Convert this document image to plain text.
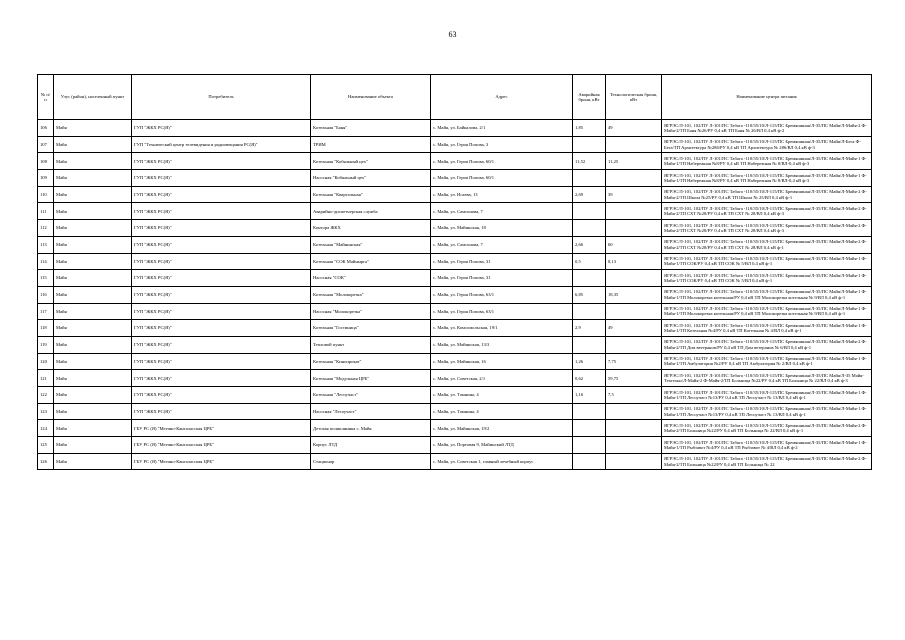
63
№ п/п	Улус (район), населенный пункт	Потребитель	Наименование объекта	Адрес	Аварийная броня, кВт	Технологическая броня, кВт	Наименование центра питания
106	Майя	ГУП "ЖКХ РС(Я)"	Котельная "Баня"	с. Майя, ул. Байкалова, 2/1	1,85	49	ЯГРЭС/Л-101, 102/ПУ Л-101/ПС Табага -110/35/10/Л-115/ПС Бремяшиная/Л-35/ПС Майя/Л-Майя-2 Ф-Майя-2/ТП Баня №26/РУ 0,4 кВ ТП Баня № 26/ВЛ 0,4 кВ ф-2
107	Майя	ГУП "Технический центр телевидения и радиовещания РС(Я)"	ТРИМ	с. Майя, ул. Героя Попова, 3			ЯГРЭС/Л-101, 102/ПУ Л-101/ПС Табага -110/35/10/Л-115/ПС Бремяшиная/Л-35/ПС Майя/Л-Бега Ф-Бега/ТП Архитектура №286/РУ 0,4 кВ ТП Архитектура № 286/ВЛ 0,4 кВ ф-3
108	Майя	ГУП "ЖКХ РС(Я)"	Котельная "Кобяльный цех"	с. Майя, ул. Героя Попова, 60/1	11,52	11,25	ЯГРЭС/Л-101, 102/ПУ Л-101/ПС Табага -110/35/10/Л-115/ПС Бремяшиная/Л-35/ПС Майя/Л-Майя-1 Ф- Майя-1/ТП Набережная №8/РУ 0,4 кВ ТП Набережная № 8/ВЛ-0,4 кВ ф-3
109	Майя	ГУП "ЖКХ РС(Я)"	Насосная "Кобяльный цех"	с. Майя, ул. Героя Попова, 60/1			ЯГРЭС/Л-101, 102/ПУ Л-101/ПС Табага -110/35/10/Л-115/ПС Бремяшиная/Л-35/ПС Майя/Л-Майя-1 Ф- Майя-1/ТП Набережная №8/РУ 0,4 кВ ТП Набережная № 8/ВЛ-0,4 кВ ф-3
110	Майя	ГУП "ЖКХ РС(Я)"	Котельная "Квартальная"	с. Майя, ул. Исаева, 13	2,69	39	ЯГРЭС/Л-101, 102/ПУ Л-101/ПС Табага -110/35/10/Л-115/ПС Бремяшиная/Л-35/ПС Майя/Л-Майя-2 Ф-Майя-2/ТП Школа №25/РУ 0,4 кВ ТП Школа № 25/ВЛ 0,4 кВ ф-1
111	Майя	ГУП "ЖКХ РС(Я)"	Аварийно-диспетчерская служба	с. Майя, ул. Самсонова, 7			ЯГРЭС/Л-101, 102/ПУ Л-101/ПС Табага -110/35/10/Л-115/ПС Бремяшиная/Л-35/ПС Майя/Л-Майя-2 Ф-Майя-2/ТП СХТ №28/РУ 0,4 кВ ТП СХТ № 28/ВЛ 0,4 кВ ф-3
112	Майя	ГУП "ЖКХ РС(Я)"	Контора ЖКХ	с. Майя, ул. Майинская, 18			ЯГРЭС/Л-101, 102/ПУ Л-101/ПС Табага -110/35/10/Л-115/ПС Бремяшиная/Л-35/ПС Майя/Л-Майя-2 Ф-Майя-2/ТП СХТ №28/РУ 0,4 кВ ТП СХТ № 28/ВЛ 0,4 кВ ф-3
113	Майя	ГУП "ЖКХ РС(Я)"	Котельная "Майнинская"	с. Майя, ул. Самсонова, 7	2,66	60	ЯГРЭС/Л-101, 102/ПУ Л-101/ПС Табага -110/35/10/Л-115/ПС Бремяшиная/Л-35/ПС Майя/Л-Майя-2 Ф-Майя-2/ТП СХТ №28/РУ 0,4 кВ ТП СХТ № 28/ВЛ 0,4 кВ ф-1
114	Майя	ГУП "ЖКХ РС(Я)"	Котельная "СОК Майнырга"	с. Майя, ул. Героя Попова, 31	0,5	8,13	ЯГРЭС/Л-101, 102/ПУ Л-101/ПС Табага -110/35/10/Л-115/ПС Бремяшиная/Л-35/ПС Майя/Л-Майя-1 Ф- Майя-1/ТП СОК/РУ 0,4 кВ ТП СОК № 5/ВЛ 0,4 кВ ф-1
115	Майя	ГУП "ЖКХ РС(Я)"	Насосная "СОК"	с. Майя, ул. Героя Попова, 31			ЯГРЭС/Л-101, 102/ПУ Л-101/ПС Табага -110/35/10/Л-115/ПС Бремяшиная/Л-35/ПС Майя/Л-Майя-1 Ф- Майя-1/ТП СОК/РУ 0,4 кВ ТП СОК № 5/ВЛ 0,4 кВ ф-1
116	Майя	ГУП "ЖКХ РС(Я)"	Котельная "Молокорезка"	с. Майя, ул. Героя Попова, 63/1	6,85	18,35	ЯГРЭС/Л-101, 102/ПУ Л-101/ПС Табага -110/35/10/Л-115/ПС Бремяшиная/Л-35/ПС Майя/Л-Майя-1 Ф- Майя-1/ТП Молокорезка котельная/РУ 0,4 кВ ТП Молокорезка котельная № 9/ВЛ 0,4 кВ ф-1
117	Майя	ГУП "ЖКХ РС(Я)"	Насосная "Молокорезка"	с. Майя, ул. Героя Попова, 63/1			ЯГРЭС/Л-101, 102/ПУ Л-101/ПС Табага -110/35/10/Л-115/ПС Бремяшиная/Л-35/ПС Майя/Л-Майя-1 Ф- Майя-1/ТП Молокорезка котельная/РУ 0,4 кВ ТП Молокорезка котельная № 9/ВЛ 0,4 кВ ф-1
118	Майя	ГУП "ЖКХ РС(Я)"	Котельная "Гостиница"	с. Майя, ул. Комсомольская, 19/1	2,9	49	ЯГРЭС/Л-101, 102/ПУ Л-101/ПС Табага -110/35/10/Л-115/ПС Бремяшиная/Л-35/ПС Майя/Л-Майя-1 Ф- Майя-1/ТП Котельная №4/РУ 0,4 кВ ТП Котельная № 4/ВЛ 0,4 кВ ф-1
119	Майя	ГУП "ЖКХ РС(Я)"	Тепловой пункт	с. Майя, ул. Майинская, 13/3			ЯГРЭС/Л-101, 102/ПУ Л-101/ПС Табага -110/35/10/Л-115/ПС Бремяшиная/Л-35/ПС Майя/Л-Майя-2 Ф-Майя-2/ТП Дом ветеранов/РУ 0,4 кВ ТП Дом ветеранов № 6/ВЛ 0,4 кВ ф-1
120	Майя	ГУП "ЖКХ РС(Я)"	Котельная "Кинопрокат"	с. Майя, ул. Майинская, 16	1,26	7,75	ЯГРЭС/Л-101, 102/ПУ Л-101/ПС Табага -110/35/10/Л-115/ПС Бремяшиная/Л-35/ПС Майя/Л-Майя-1 Ф- Майя-1/ТП Амбулатория №2/РУ 0,4 кВ ТП Амбулатория № 2/ВЛ 0,4 кВ ф-1
121	Майя	ГУП "ЖКХ РС(Я)"	Котельная "Модульная ЦРБ"	с. Майя, ул. Советская, 2/1	0,62	59,75	ЯГРЭС/Л-101, 102/ПУ Л-101/ПС Табага -110/35/10/Л-115/ПС Бремяшиная/Л-35/ПС Майя/Л-35 Майя-Техтехно/Л-Майя-2 Ф-Майя-2/ТП Больница №22/РУ 0,4 кВ ТП Больница № 22/ВЛ 0,4 кВ ф-3
122	Майя	ГУП "ЖКХ РС(Я)"	Котельная "Лесоучаст"	с. Майя, ул. Тамнина, 4	1,16	7,5	ЯГРЭС/Л-101, 102/ПУ Л-101/ПС Табага -110/35/10/Л-115/ПС Бремяшиная/Л-35/ПС Майя/Л-Майя-1 Ф- Майя-1/ТП Лесоучаст №13/РУ 0,4 кВ ТП Лесоучаст № 13/ВЛ 0,4 кВ ф-1
123	Майя	ГУП "ЖКХ РС(Я)"	Насосная "Лесоучаст"	с. Майя, ул. Тамнина, 4			ЯГРЭС/Л-101, 102/ПУ Л-101/ПС Табага -110/35/10/Л-115/ПС Бремяшиная/Л-35/ПС Майя/Л-Майя-1 Ф- Майя-1/ТП Лесоучаст №13/РУ 0,4 кВ ТП Лесоучаст № 13/ВЛ 0,4 кВ ф-1
124	Майя	ГБУ РС (Я) "Мегино-Кангаласская ЦРБ"	Детская поликлиника с. Майя	с. Майя, ул. Майинская, 19/2			ЯГРЭС/Л-101, 102/ПУ Л-101/ПС Табага -110/35/10/Л-115/ПС Бремяшиная/Л-35/ПС Майя/Л-Майя-2 Ф-Майя-2/ТП Больница №22/РУ 0,4 кВ ТП Больница № 22/ВЛ 0,4 кВ ф-1
125	Майя	ГБУ РС (Я) "Мегино-Кангаласская ЦРБ"	Корпус ЛТД	с. Майя, ул. Портовая 9, Майинский ЛТД			ЯГРЭС/Л-101, 102/ПУ Л-101/ПС Табага -110/35/10/Л-115/ПС Бремяшиная/Л-35/ПС Майя/Л-Майя-1 Ф- Майя-1/ТП Рыбзавот №4/РУ 0,4 кВ ТП Рыбзавот № 4/ВЛ 0,4 кВ ф-2
126	Майя	ГБУ РС (Я) "Мегино-Кангаласская ЦРБ"	Стационар	с. Майя, ул. Советская 1, главный лечебный корпус			ЯГРЭС/Л-101, 102/ПУ Л-101/ПС Табага -110/35/10/Л-115/ПС Бремяшиная/Л-35/ПС Майя/Л-Майя-2 Ф-Майя-2/ТП Больница №22/РУ 0,4 кВ ТП Больница № 22
